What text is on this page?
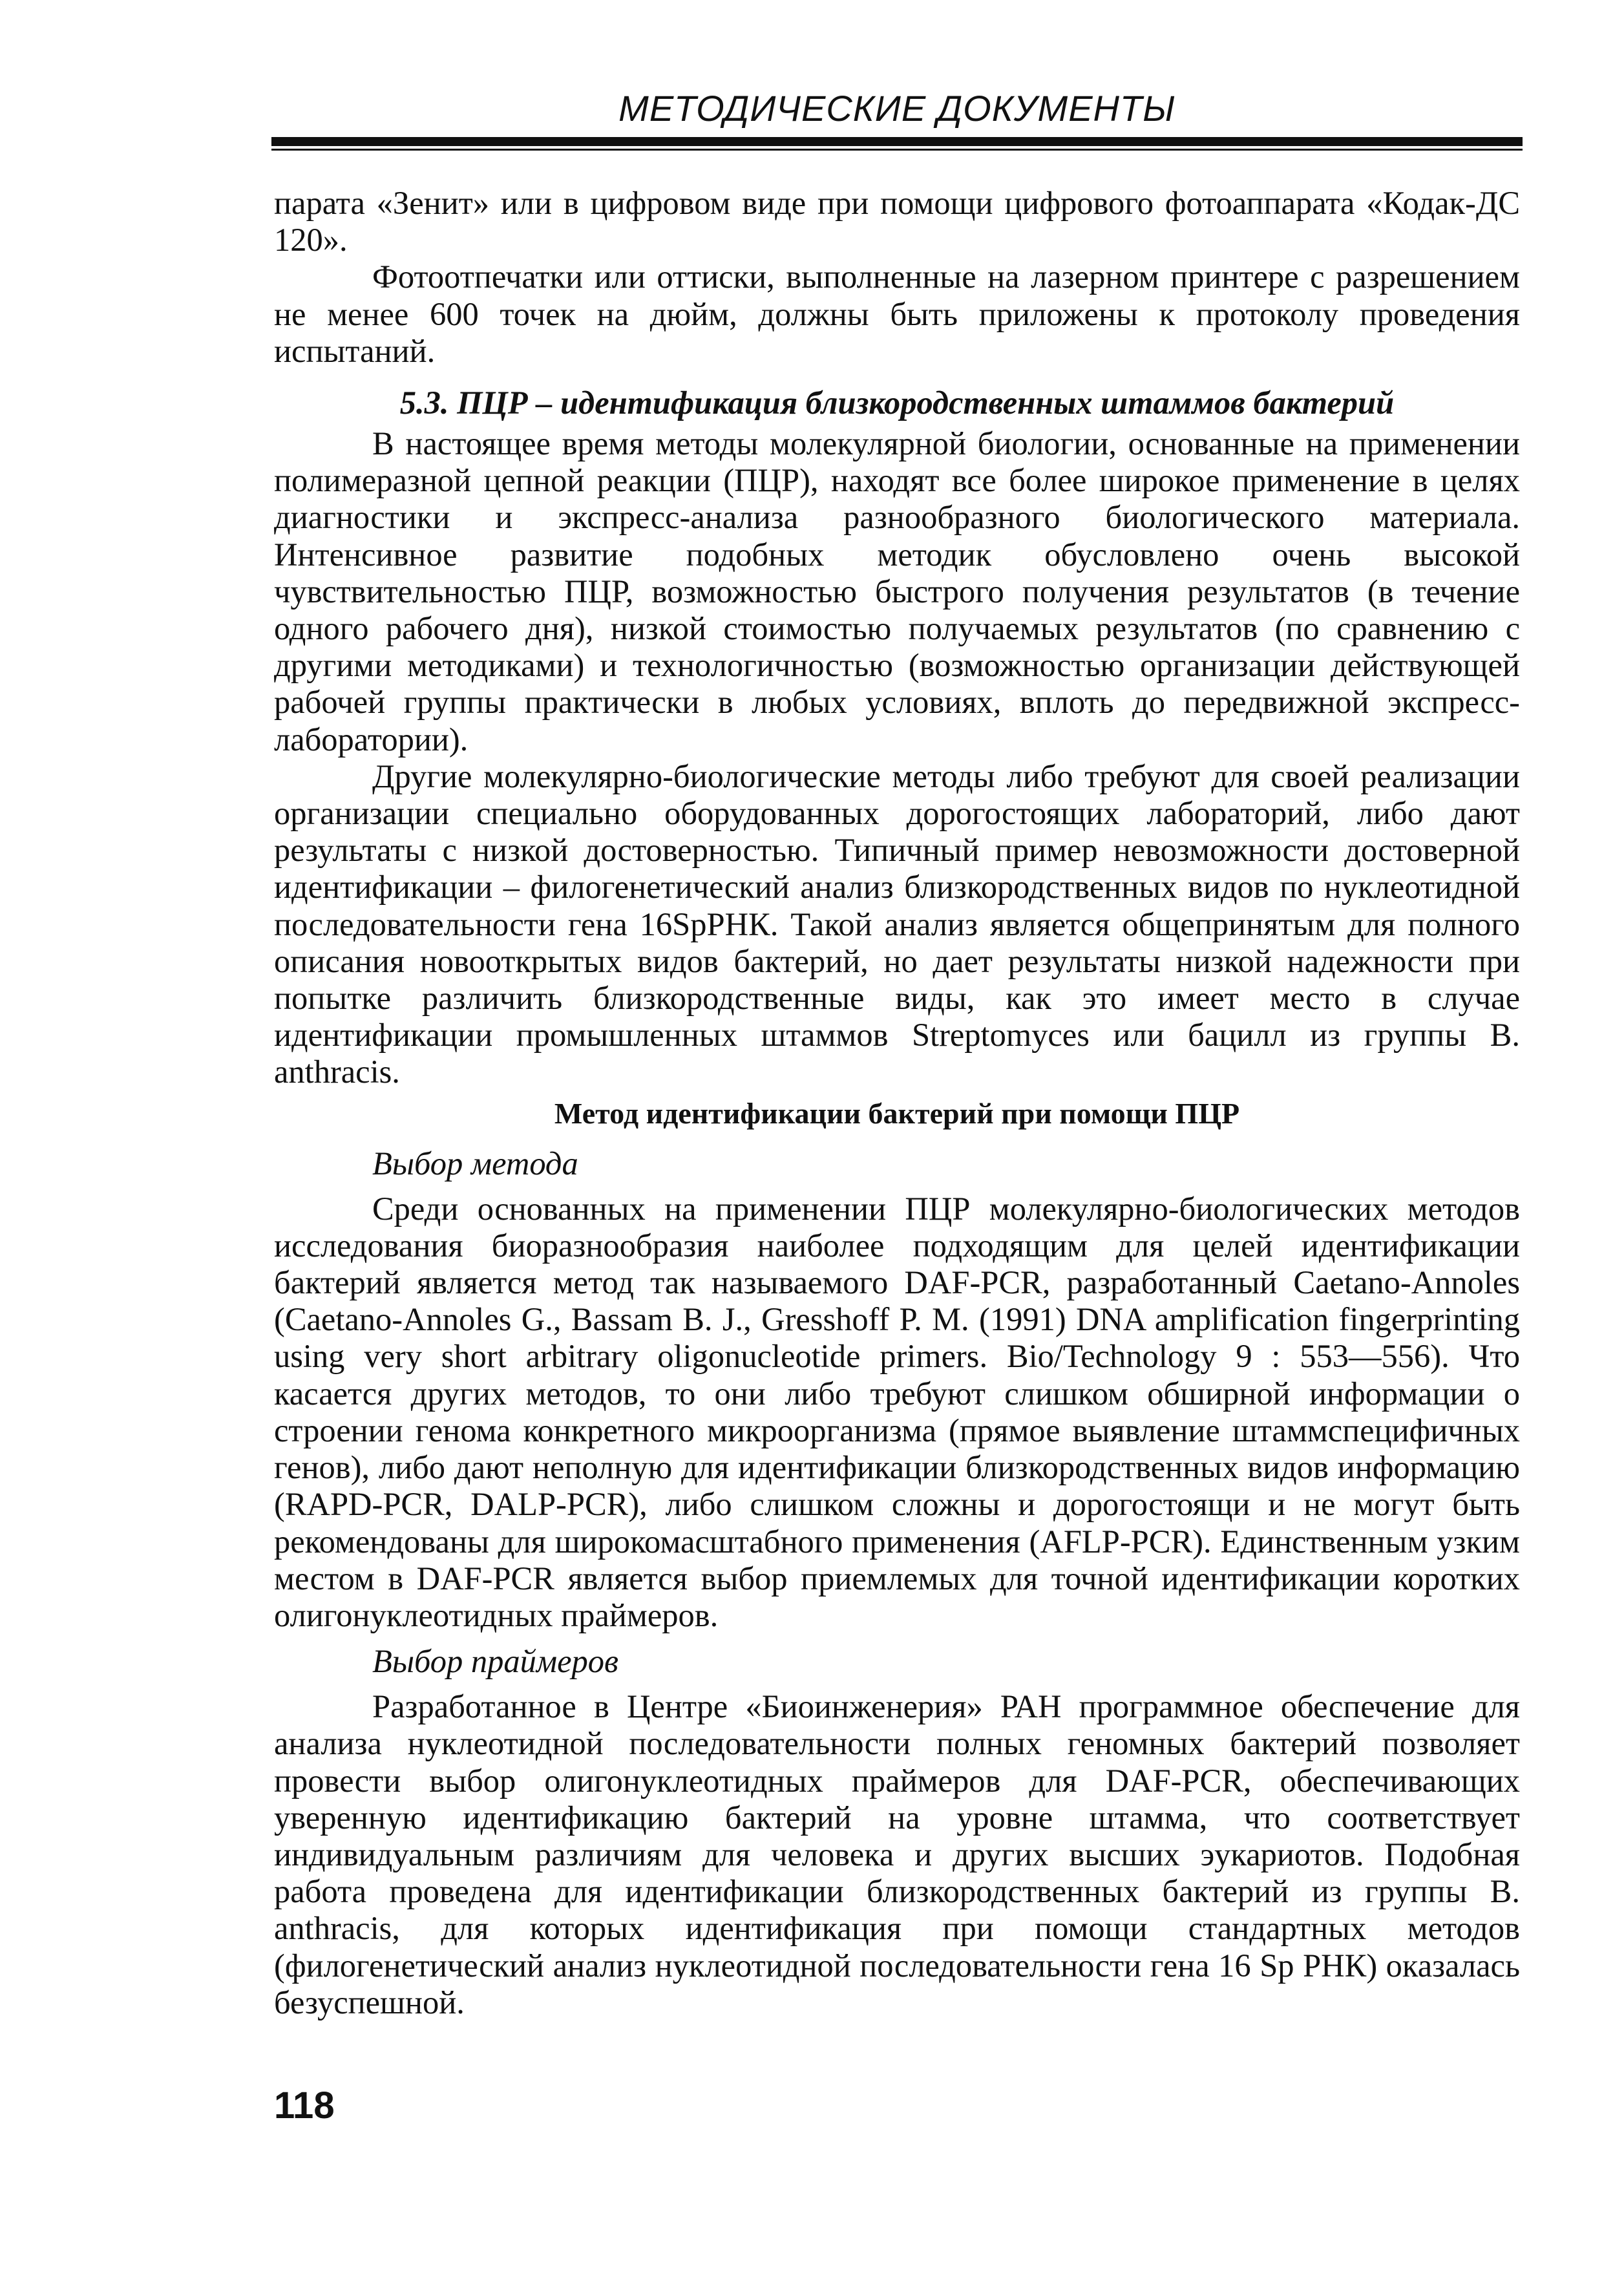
МЕТОДИЧЕСКИЕ ДОКУМЕНТЫ

парата «Зенит» или в цифровом виде при помощи цифрового фотоаппарата «Кодак-ДС 120».

Фотоотпечатки или оттиски, выполненные на лазерном принтере с разрешением не менее 600 точек на дюйм, должны быть приложены к протоколу проведения испытаний.

5.3. ПЦР – идентификация близкородственных штаммов бактерий

В настоящее время методы молекулярной биологии, основанные на применении полимеразной цепной реакции (ПЦР), находят все более широкое применение в целях диагностики и экспресс-анализа разнообразного биологического материала. Интенсивное развитие подобных методик обусловлено очень высокой чувствительностью ПЦР, возможностью быстрого получения результатов (в течение одного рабочего дня), низкой стоимостью получаемых результатов (по сравнению с другими методиками) и технологичностью (возможностью организации действующей рабочей группы практически в любых условиях, вплоть до передвижной экспресс-лаборатории).

Другие молекулярно-биологические методы либо требуют для своей реализации организации специально оборудованных дорогостоящих лабораторий, либо дают результаты с низкой достоверностью. Типичный пример невозможности достоверной идентификации – филогенетический анализ близкородственных видов по нуклеотидной последовательности гена 16SpРНК. Такой анализ является общепринятым для полного описания новооткрытых видов бактерий, но дает результаты низкой надежности при попытке различить близкородственные виды, как это имеет место в случае идентификации промышленных штаммов Streptomyces или бацилл из группы B. anthracis.

Метод идентификации бактерий при помощи ПЦР

Выбор метода

Среди основанных на применении ПЦР молекулярно-биологических методов исследования биоразнообразия наиболее подходящим для целей идентификации бактерий является метод так называемого DAF-PCR, разработанный Caetano-Annoles (Caetano-Annoles G., Bassam B. J., Gresshoff P. M. (1991) DNA amplification fingerprinting using very short arbitrary oligonucleotide primers. Bio/Technology 9 : 553—556). Что касается других методов, то они либо требуют слишком обширной информации о строении генома конкретного микроорганизма (прямое выявление штаммспецифичных генов), либо дают неполную для идентификации близкородственных видов информацию (RAPD-PCR, DALP-PCR), либо слишком сложны и дорогостоящи и не могут быть рекомендованы для широкомасштабного применения (AFLP-PCR). Единственным узким местом в DAF-PCR является выбор приемлемых для точной идентификации коротких олигонуклеотидных праймеров.

Выбор праймеров

Разработанное в Центре «Биоинженерия» РАН программное обеспечение для анализа нуклеотидной последовательности полных геномных бактерий позволяет провести выбор олигонуклеотидных праймеров для DAF-PCR, обеспечивающих уверенную идентификацию бактерий на уровне штамма, что соответствует индивидуальным различиям для человека и других высших эукариотов. Подобная работа проведена для идентификации близкородственных бактерий из группы B. anthracis, для которых идентификация при помощи стандартных методов (филогенетический анализ нуклеотидной последовательности гена 16 Sp РНК) оказалась безуспешной.

118
